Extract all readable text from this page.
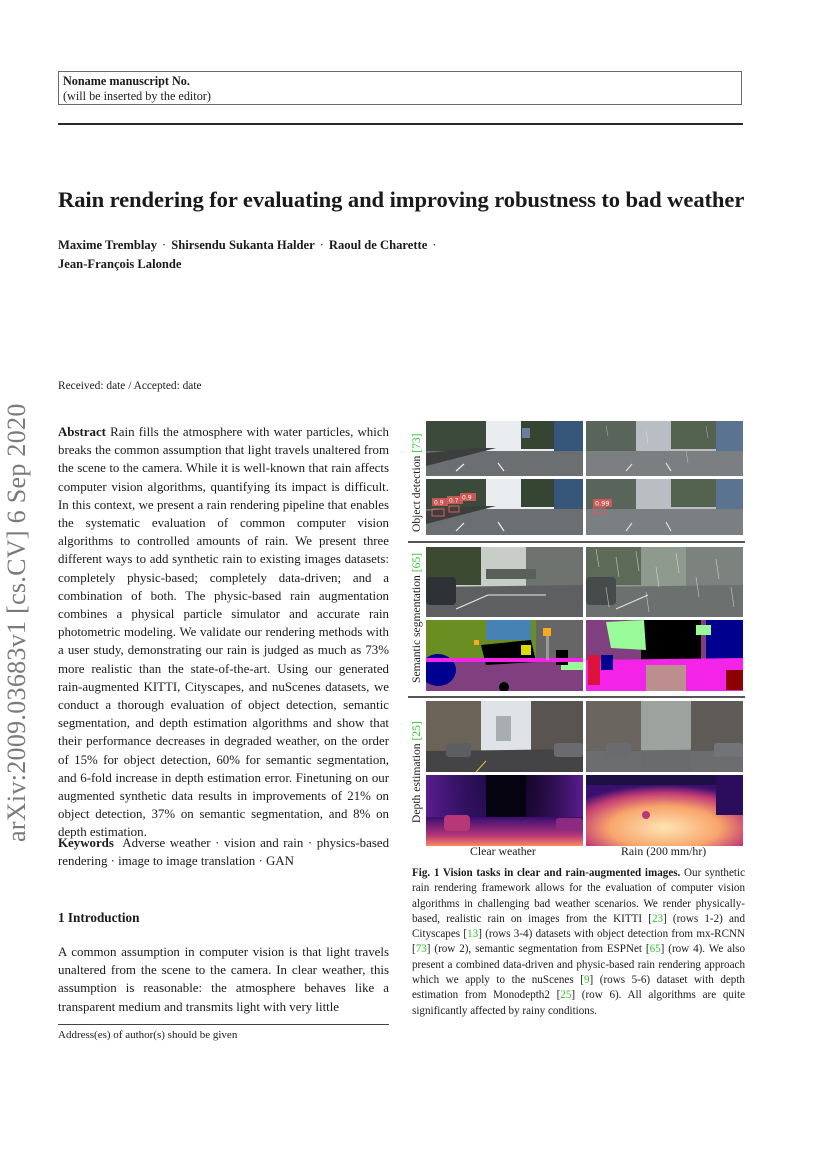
Noname manuscript No.
(will be inserted by the editor)
Rain rendering for evaluating and improving robustness to bad weather
Maxime Tremblay · Shirsendu Sukanta Halder · Raoul de Charette ·
Jean-François Lalonde
arXiv:2009.03683v1 [cs.CV] 6 Sep 2020
Received: date / Accepted: date
Abstract Rain fills the atmosphere with water particles, which breaks the common assumption that light travels unaltered from the scene to the camera. While it is well-known that rain affects computer vision algorithms, quantifying its impact is difficult. In this context, we present a rain rendering pipeline that enables the systematic evaluation of common computer vision algorithms to controlled amounts of rain. We present three different ways to add synthetic rain to existing images datasets: completely physic-based; completely data-driven; and a combination of both. The physic-based rain augmentation combines a physical particle simulator and accurate rain photometric modeling. We validate our rendering methods with a user study, demonstrating our rain is judged as much as 73% more realistic than the state-of-the-art. Using our generated rain-augmented KITTI, Cityscapes, and nuScenes datasets, we conduct a thorough evaluation of object detection, semantic segmentation, and depth estimation algorithms and show that their performance decreases in degraded weather, on the order of 15% for object detection, 60% for semantic segmentation, and 6-fold increase in depth estimation error. Finetuning on our augmented synthetic data results in improvements of 21% on object detection, 37% on semantic segmentation, and 8% on depth estimation.
Keywords Adverse weather · vision and rain · physics-based rendering · image to image translation · GAN
1 Introduction
A common assumption in computer vision is that light travels unaltered from the scene to the camera. In clear weather, this assumption is reasonable: the atmosphere behaves like a transparent medium and transmits light with very little
Address(es) of author(s) should be given
Object detection [73]
Semantic segmentation [65]
Depth estimation [25]
0.9 0.7 0.9
0.99
Clear weather	Rain (200 mm/hr)
Fig. 1 Vision tasks in clear and rain-augmented images. Our synthetic rain rendering framework allows for the evaluation of computer vision algorithms in challenging bad weather scenarios. We render physically-based, realistic rain on images from the KITTI [23] (rows 1-2) and Cityscapes [13] (rows 3-4) datasets with object detection from mx-RCNN [73] (row 2), semantic segmentation from ESPNet [65] (row 4). We also present a combined data-driven and physic-based rain rendering approach which we apply to the nuScenes [9] (rows 5-6) dataset with depth estimation from Monodepth2 [25] (row 6). All algorithms are quite significantly affected by rainy conditions.
